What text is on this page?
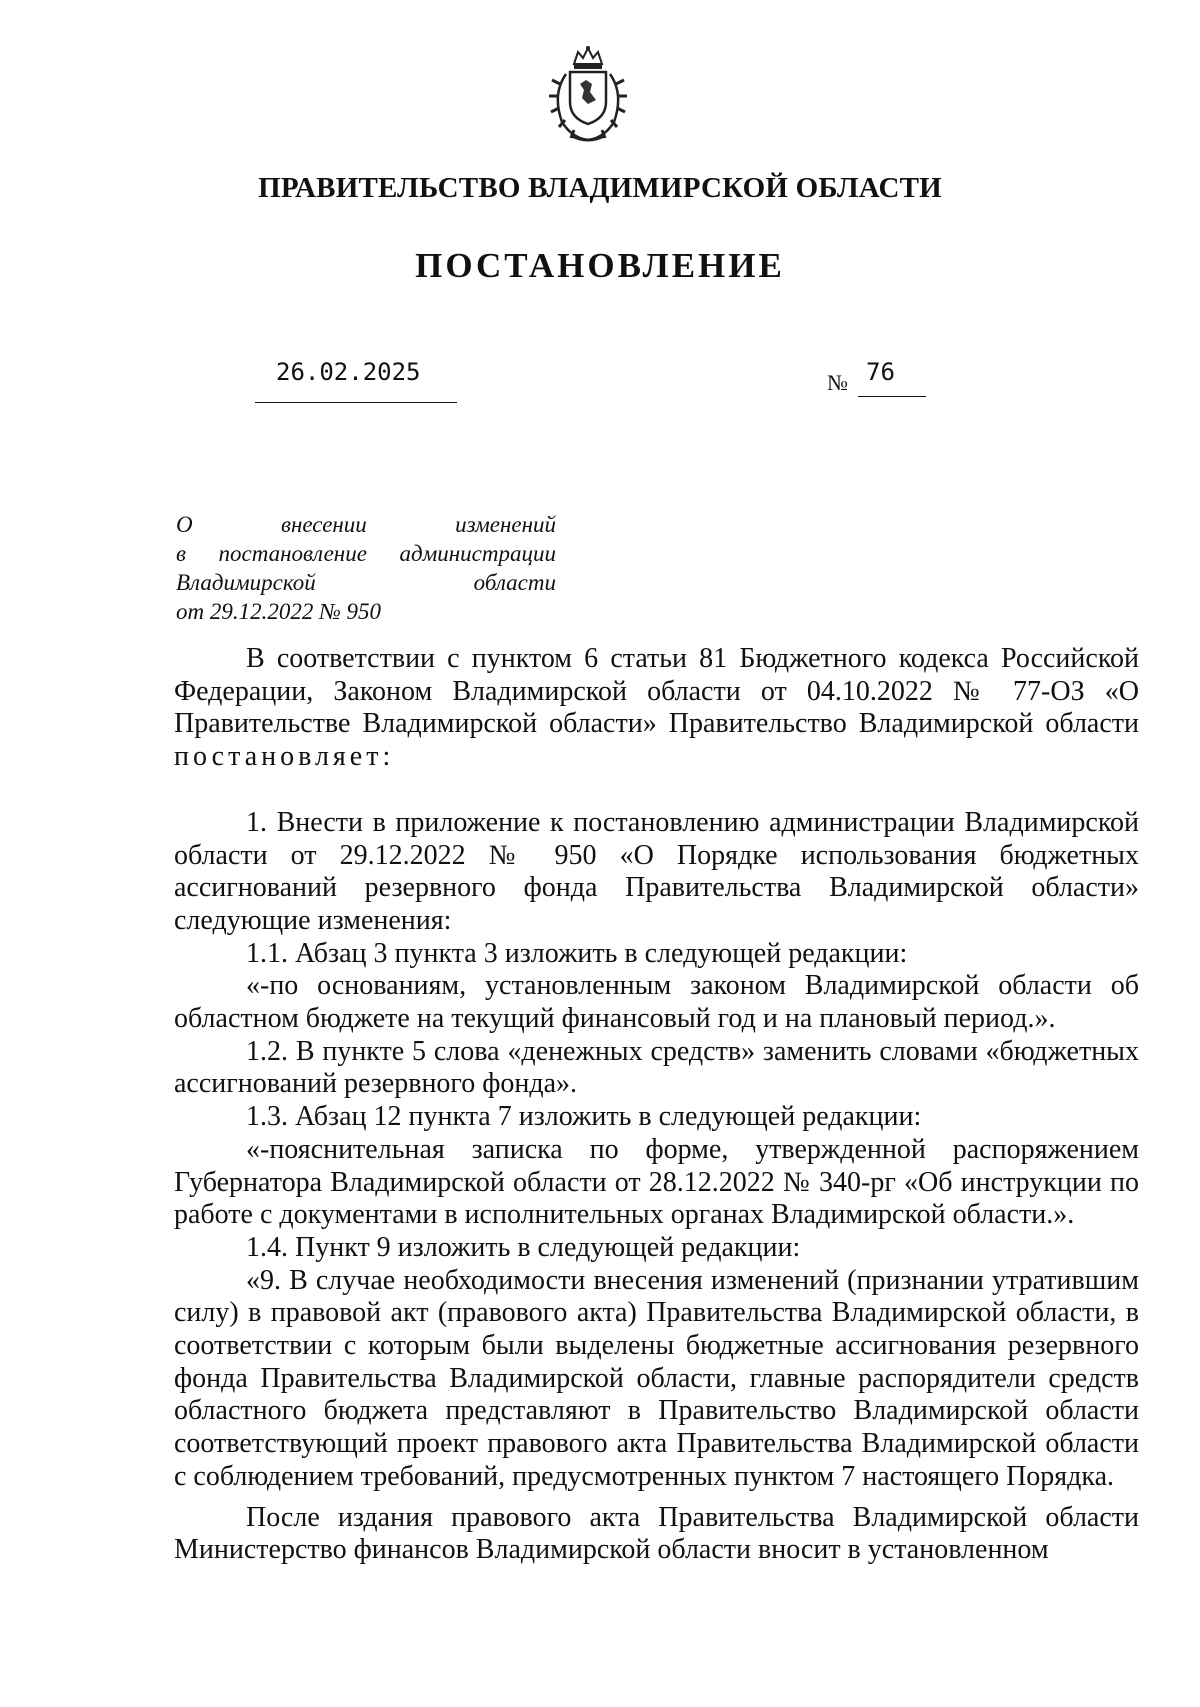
ПРАВИТЕЛЬСТВО ВЛАДИМИРСКОЙ ОБЛАСТИ
ПОСТАНОВЛЕНИЕ
26.02.2025	№ 76
О внесении изменений
в постановление администрации
Владимирской области
от 29.12.2022 № 950

В соответствии с пунктом 6 статьи 81 Бюджетного кодекса Российской Федерации, Законом Владимирской области от 04.10.2022 № 77-ОЗ «О Правительстве Владимирской области» Правительство Владимирской области постановляет:

1. Внести в приложение к постановлению администрации Владимирской области от 29.12.2022 № 950 «О Порядке использования бюджетных ассигнований резервного фонда Правительства Владимирской области» следующие изменения:

1.1. Абзац 3 пункта 3 изложить в следующей редакции:

«-по основаниям, установленным законом Владимирской области об областном бюджете на текущий финансовый год и на плановый период.».

1.2. В пункте 5 слова «денежных средств» заменить словами «бюджетных ассигнований резервного фонда».

1.3. Абзац 12 пункта 7 изложить в следующей редакции:

«-пояснительная записка по форме, утвержденной распоряжением Губернатора Владимирской области от 28.12.2022 № 340-рг «Об инструкции по работе с документами в исполнительных органах Владимирской области.».

1.4. Пункт 9 изложить в следующей редакции:

«9. В случае необходимости внесения изменений (признании утратившим силу) в правовой акт (правового акта) Правительства Владимирской области, в соответствии с которым были выделены бюджетные ассигнования резервного фонда Правительства Владимирской области, главные распорядители средств областного бюджета представляют в Правительство Владимирской области соответствующий проект правового акта Правительства Владимирской области с соблюдением требований, предусмотренных пунктом 7 настоящего Порядка.

После издания правового акта Правительства Владимирской области Министерство финансов Владимирской области вносит в установленном
